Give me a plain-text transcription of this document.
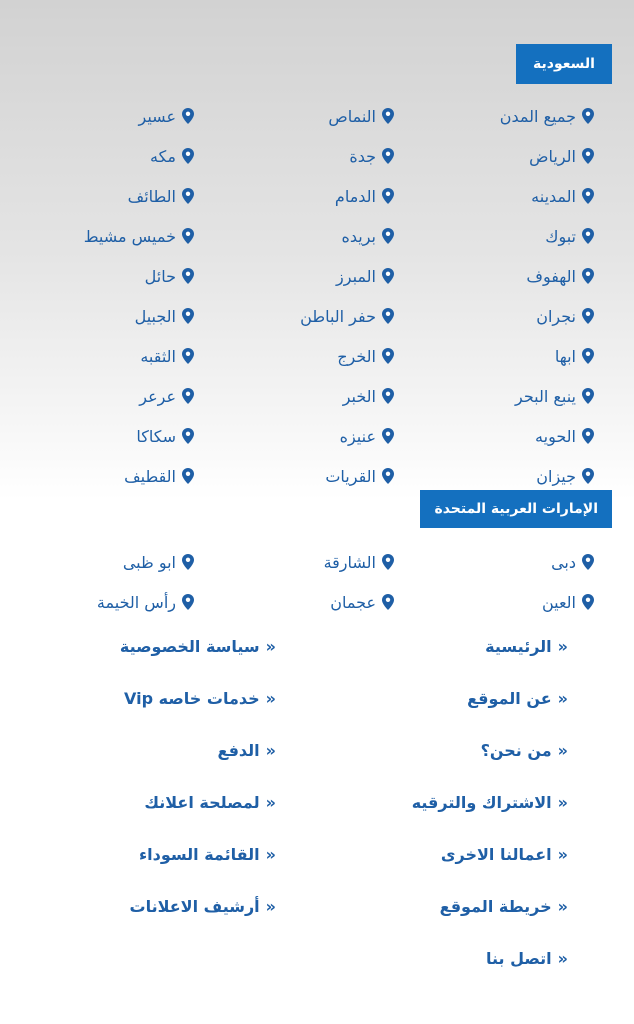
السعودية
جميع المدن
النماص
عسير
الرياض
جدة
مكه
المدينه
الدمام
الطائف
تبوك
بريده
خميس مشيط
الهفوف
المبرز
حائل
نجران
حفر الباطن
الجبيل
ابها
الخرج
الثقبه
ينبع البحر
الخبر
عرعر
الحويه
عنيزه
سكاكا
جيزان
القريات
القطيف
الإمارات العربية المتحدة
دبى
الشارقة
ابو ظبى
العين
عجمان
رأس الخيمة
«
الرئيسية
«
سياسة الخصوصية
«
عن الموقع
«
خدمات خاصه Vip
«
من نحن؟
«
الدفع
«
الاشتراك والترقيه
«
لمصلحة اعلانك
«
اعمالنا الاخرى
«
القائمة السوداء
«
خريطة الموقع
«
أرشيف الاعلانات
«
اتصل بنا
